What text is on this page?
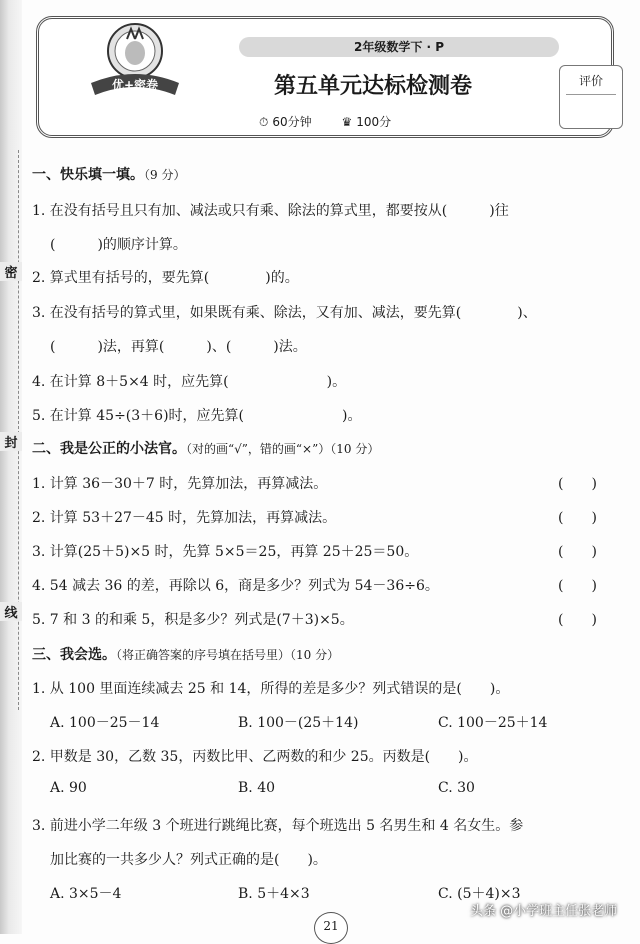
密
封
线
优+密卷
2年级数学下 · P
第五单元达标检测卷
⏱ 60分钟 ♛ 100分
评价
一、快乐填一填。（9 分）
1. 在没有括号且只有加、减法或只有乘、除法的算式里，都要按从(　　　)往
(　　　)的顺序计算。
2. 算式里有括号的，要先算(　　　　)的。
3. 在没有括号的算式里，如果既有乘、除法，又有加、减法，要先算(　　　　)、
(　　　)法，再算(　　　)、(　　　)法。
4. 在计算 8＋5×4 时，应先算(　　　　　　　)。
5. 在计算 45÷(3＋6)时，应先算(　　　　　　　)。
二、我是公正的小法官。（对的画“√”，错的画“×”）（10 分）
1. 计算 36－30＋7 时，先算加法，再算减法。	(　　)
2. 计算 53＋27－45 时，先算加法，再算减法。	(　　)
3. 计算(25＋5)×5 时，先算 5×5＝25，再算 25＋25＝50。	(　　)
4. 54 减去 36 的差，再除以 6，商是多少？列式为 54－36÷6。	(　　)
5. 7 和 3 的和乘 5，积是多少？列式是(7＋3)×5。	(　　)
三、我会选。（将正确答案的序号填在括号里）（10 分）
1. 从 100 里面连续减去 25 和 14，所得的差是多少？列式错误的是(　　)。
A. 100－25－14	B. 100－(25＋14)	C. 100－25＋14
2. 甲数是 30，乙数 35，丙数比甲、乙两数的和少 25。丙数是(　　)。
A. 90	B. 40	C. 30
3. 前进小学二年级 3 个班进行跳绳比赛，每个班选出 5 名男生和 4 名女生。参
加比赛的一共多少人？列式正确的是(　　)。
A. 3×5－4	B. 5＋4×3	C. (5＋4)×3
21
头条 @小学班主任张老师
